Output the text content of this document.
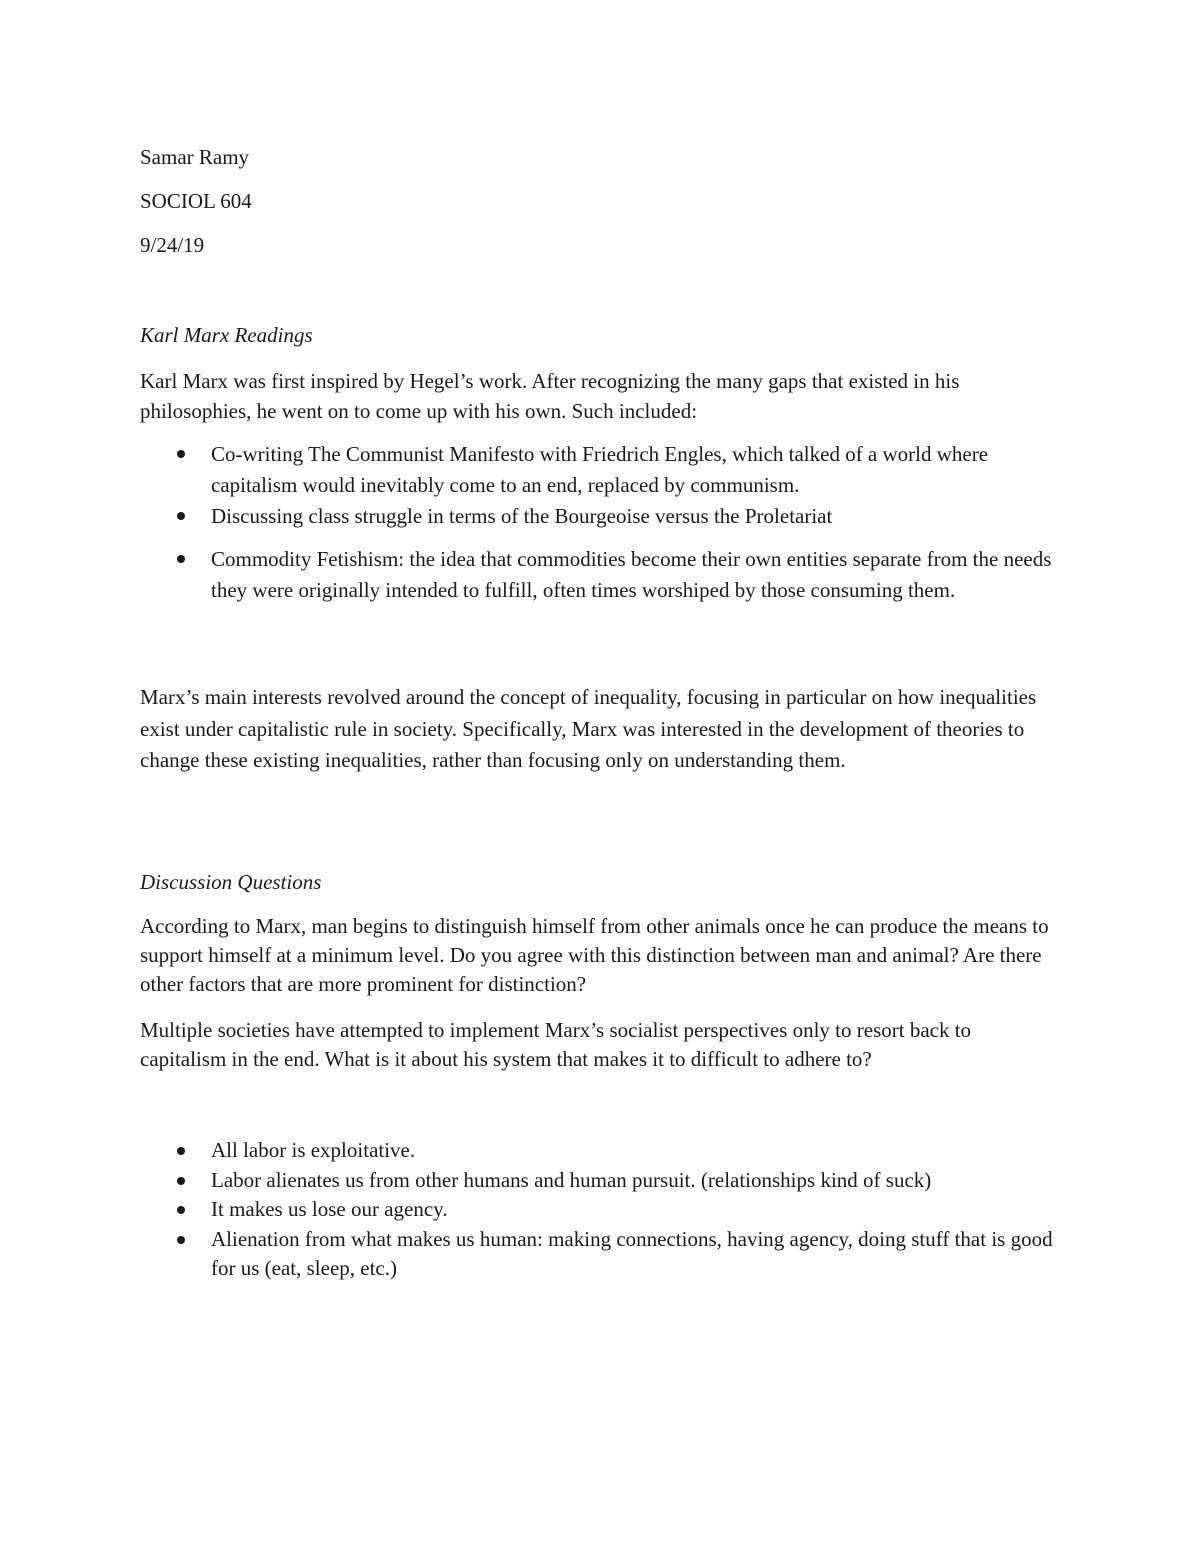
Samar Ramy
SOCIOL 604
9/24/19
Karl Marx Readings
Karl Marx was first inspired by Hegel’s work. After recognizing the many gaps that existed in his philosophies, he went on to come up with his own. Such included:
Co-writing The Communist Manifesto with Friedrich Engles, which talked of a world where capitalism would inevitably come to an end, replaced by communism.
Discussing class struggle in terms of the Bourgeoise versus the Proletariat
Commodity Fetishism: the idea that commodities become their own entities separate from the needs they were originally intended to fulfill, often times worshiped by those consuming them.
Marx’s main interests revolved around the concept of inequality, focusing in particular on how inequalities exist under capitalistic rule in society. Specifically, Marx was interested in the development of theories to change these existing inequalities, rather than focusing only on understanding them.
Discussion Questions
According to Marx, man begins to distinguish himself from other animals once he can produce the means to support himself at a minimum level. Do you agree with this distinction between man and animal? Are there other factors that are more prominent for distinction?
Multiple societies have attempted to implement Marx’s socialist perspectives only to resort back to capitalism in the end. What is it about his system that makes it to difficult to adhere to?
All labor is exploitative.
Labor alienates us from other humans and human pursuit. (relationships kind of suck)
It makes us lose our agency.
Alienation from what makes us human: making connections, having agency, doing stuff that is good for us (eat, sleep, etc.)
